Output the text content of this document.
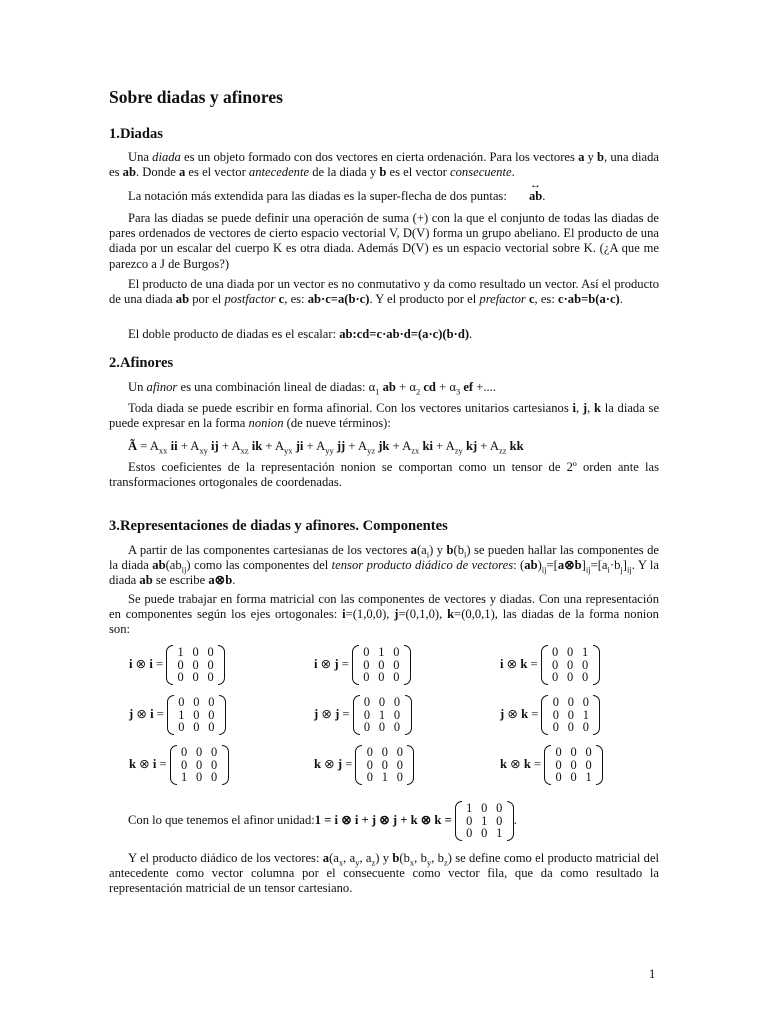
Sobre diadas y afinores
1.Diadas
Una diada es un objeto formado con dos vectores en cierta ordenación. Para los vectores a y b, una diada es ab. Donde a es el vector antecedente de la diada y b es el vector consecuente.
La notación más extendida para las diadas es la super-flecha de dos puntas: ↔ ab.
Para las diadas se puede definir una operación de suma (+) con la que el conjunto de todas las diadas de pares ordenados de vectores de cierto espacio vectorial V, D(V) forma un grupo abeliano. El producto de una diada por un escalar del cuerpo K es otra diada. Además D(V) es un espacio vectorial sobre K. (¿A que me parezco a J de Burgos?)
El producto de una diada por un vector es no conmutativo y da como resultado un vector. Así el producto de una diada ab por el postfactor c, es: ab·c=a(b·c). Y el producto por el prefactor c, es: c·ab=b(a·c).
El doble producto de diadas es el escalar: ab:cd=c·ab·d=(a·c)(b·d).
2.Afinores
Un afinor es una combinación lineal de diadas: $\alpha_1$ ab + $\alpha_2$ cd + $\alpha_3$ ef +....
Toda diada se puede escribir en forma afinorial. Con los vectores unitarios cartesianos i, j, k la diada se puede expresar en la forma nonion (de nueve términos):
Ã = $A_{xx}$ ii + $A_{xy}$ ij + $A_{xz}$ ik + $A_{yx}$ ji + $A_{yy}$ jj + $A_{yz}$ jk + $A_{zx}$ ki + $A_{zy}$ kj + $A_{zz}$ kk
Estos coeficientes de la representación nonion se comportan como un tensor de 2º orden ante las transformaciones ortogonales de coordenadas.
3.Representaciones de diadas y afinores. Componentes
A partir de las componentes cartesianas de los vectores $a(a_i)$ y $b(b_i)$ se pueden hallar las componentes de la diada $ab(ab_{ij})$ como las componentes del tensor producto diádico de vectores: $(ab)_{ij}=[a\otimes b]_{ij}=[a_i\cdot b_j]_{ij}$. Y la diada ab se escribe a⊗b.
Se puede trabajar en forma matricial con las componentes de vectores y diadas. Con una representación en componentes según los ejes ortogonales: i=(1,0,0), j=(0,1,0), k=(0,0,1), las diadas de la forma nonion son:
i ⊗ i =
1 0 0
0 0 0
0 0 0
i ⊗ j =
0 1 0
0 0 0
0 0 0
i ⊗ k =
0 0 1
0 0 0
0 0 0
j ⊗ i =
0 0 0
1 0 0
0 0 0
j ⊗ j =
0 0 0
0 1 0
0 0 0
j ⊗ k =
0 0 0
0 0 1
0 0 0
k ⊗ i =
0 0 0
0 0 0
1 0 0
k ⊗ j =
0 0 0
0 0 0
0 1 0
k ⊗ k =
0 0 0
0 0 0
0 0 1
Con lo que tenemos el afinor unidad: 1 = i ⊗ i + j ⊗ j + k ⊗ k =
1 0 0
0 1 0
0 0 1
.
Y el producto diádico de los vectores: $a(a_x$, $a_y$, $a_z$) y $b(b_x$, $b_y$, $b_z$) se define como el producto matricial del antecedente como vector columna por el consecuente como vector fila, que da como resultado la representación matricial de un tensor cartesiano.
1
